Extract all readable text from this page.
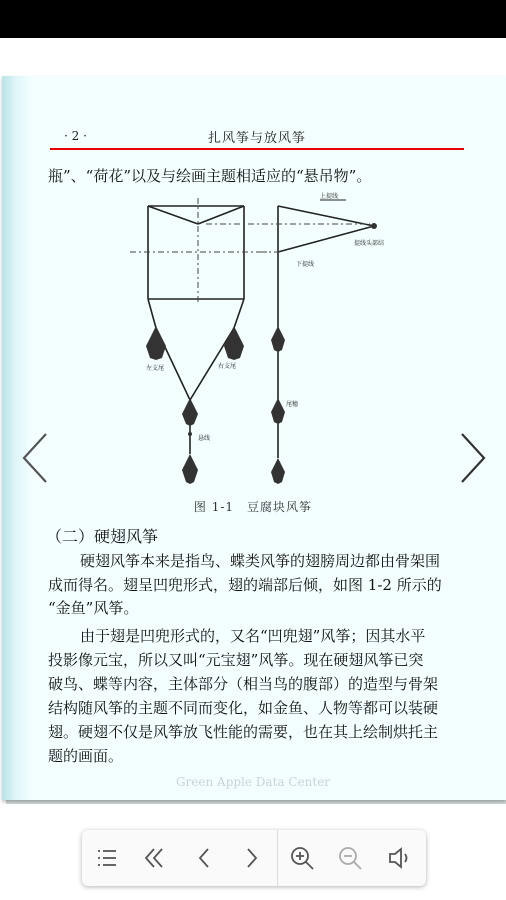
· 2 ·	扎风筝与放风筝
瓶”、“荷花”以及与绘画主题相适应的“悬吊物”。
上提线
下提线
提线头部结
左支尾	右支尾
尾穗
悬线
图 1-1　豆腐块风筝
（二）硬翅风筝
硬翅风筝本来是指鸟、蝶类风筝的翅膀周边都由骨架围
成而得名。翅呈凹兜形式，翅的端部后倾，如图 1-2 所示的
“金鱼”风筝。
由于翅是凹兜形式的，又名“凹兜翅”风筝；因其水平
投影像元宝，所以又叫“元宝翅”风筝。现在硬翅风筝已突
破鸟、蝶等内容，主体部分（相当鸟的腹部）的造型与骨架
结构随风筝的主题不同而变化，如金鱼、人物等都可以装硬
翅。硬翅不仅是风筝放飞性能的需要，也在其上绘制烘托主
题的画面。
Green Apple Data Center
